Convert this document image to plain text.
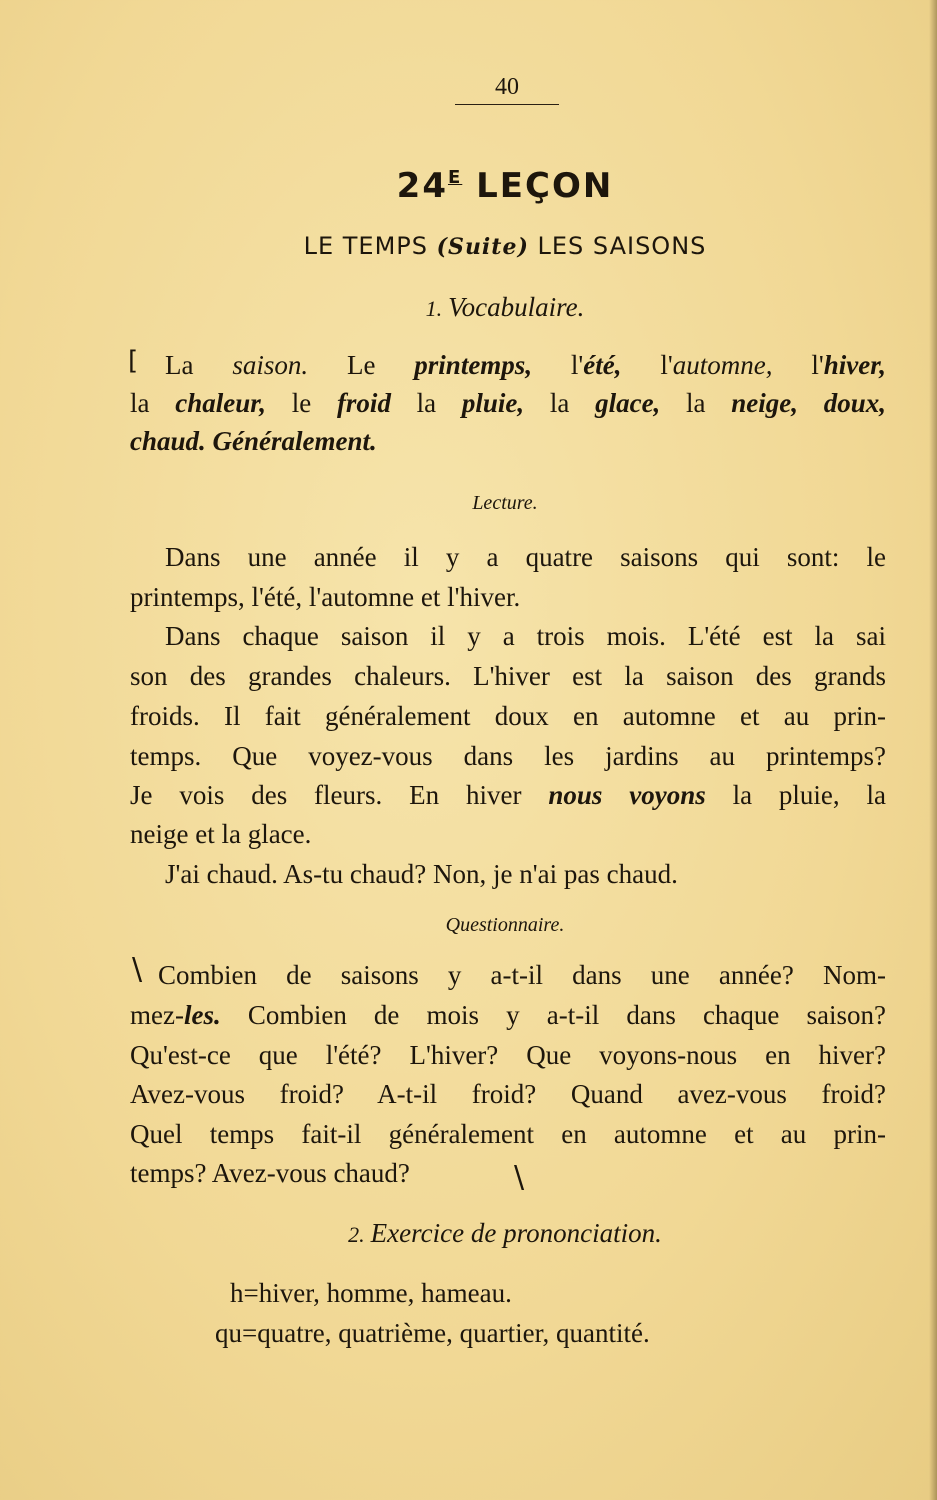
40
$24^E$ LEÇON
LE TEMPS (Suite) LES SAISONS
1. Vocabulaire.
[ La saison. Le printemps, l'été, l'automne, l'hiver,
la chaleur, le froid la pluie, la glace, la neige, doux,
chaud. Généralement.
Lecture.
Dans une année il y a quatre saisons qui sont: le
printemps, l'été, l'automne et l'hiver.
Dans chaque saison il y a trois mois. L'été est la sai
son des grandes chaleurs. L'hiver est la saison des grands
froids. Il fait généralement doux en automne et au prin-
temps. Que voyez-vous dans les jardins au printemps?
Je vois des fleurs. En hiver nous voyons la pluie, la
neige et la glace.
J'ai chaud. As-tu chaud? Non, je n'ai pas chaud.
Questionnaire.
\ Combien de saisons y a-t-il dans une année? Nom-
mez-les. Combien de mois y a-t-il dans chaque saison?
Qu'est-ce que l'été? L'hiver? Que voyons-nous en hiver?
Avez-vous froid? A-t-il froid? Quand avez-vous froid?
Quel temps fait-il généralement en automne et au prin-
temps? Avez-vous chaud?	\
2. Exercice de prononciation.
h=hiver, homme, hameau.
qu=quatre, quatrième, quartier, quantité.
